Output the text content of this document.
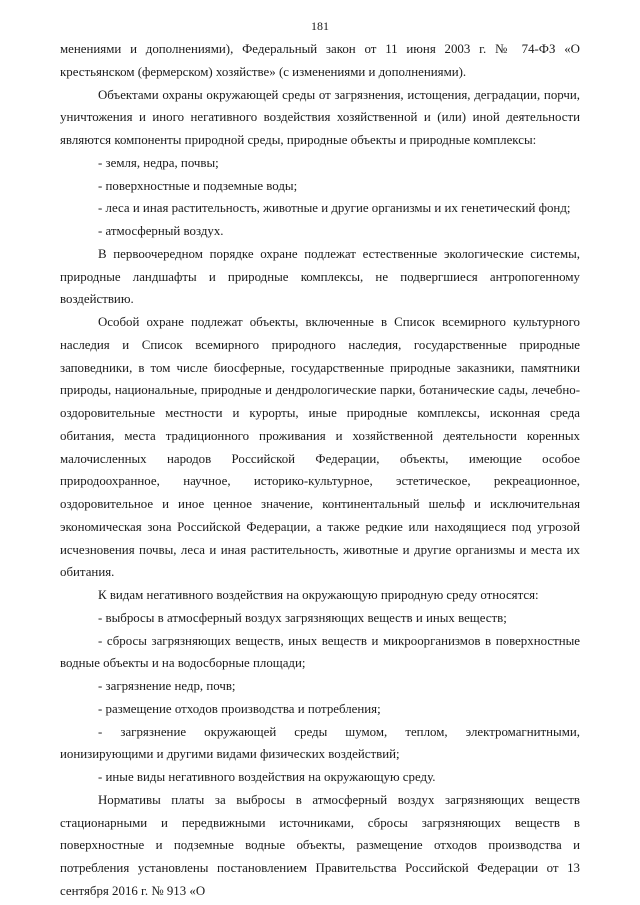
181

менениями и дополнениями), Федеральный закон от 11 июня 2003 г. № 74-ФЗ «О крестьянском (фермерском) хозяйстве» (с изменениями и дополнениями).

Объектами охраны окружающей среды от загрязнения, истощения, деградации, порчи, уничтожения и иного негативного воздействия хозяйственной и (или) иной деятельности являются компоненты природной среды, природные объекты и природные комплексы:

- земля, недра, почвы;

- поверхностные и подземные воды;

- леса и иная растительность, животные и другие организмы и их генетический фонд;

- атмосферный воздух.

В первоочередном порядке охране подлежат естественные экологические системы, природные ландшафты и природные комплексы, не подвергшиеся антропогенному воздействию.

Особой охране подлежат объекты, включенные в Список всемирного культурного наследия и Список всемирного природного наследия, государственные природные заповедники, в том числе биосферные, государственные природные заказники, памятники природы, национальные, природные и дендрологические парки, ботанические сады, лечебно-оздоровительные местности и курорты, иные природные комплексы, исконная среда обитания, места традиционного проживания и хозяйственной деятельности коренных малочисленных народов Российской Федерации, объекты, имеющие особое природоохранное, научное, историко-культурное, эстетическое, рекреационное, оздоровительное и иное ценное значение, континентальный шельф и исключительная экономическая зона Российской Федерации, а также редкие или находящиеся под угрозой исчезновения почвы, леса и иная растительность, животные и другие организмы и места их обитания.

К видам негативного воздействия на окружающую природную среду относятся:

- выбросы в атмосферный воздух загрязняющих веществ и иных веществ;

- сбросы загрязняющих веществ, иных веществ и микроорганизмов в поверхностные водные объекты и на водосборные площади;

- загрязнение недр, почв;

- размещение отходов производства и потребления;

- загрязнение окружающей среды шумом, теплом, электромагнитными, ионизирующими и другими видами физических воздействий;

- иные виды негативного воздействия на окружающую среду.

Нормативы платы за выбросы в атмосферный воздух загрязняющих веществ стационарными и передвижными источниками, сбросы загрязняющих веществ в поверхностные и подземные водные объекты, размещение отходов производства и потребления установлены постановлением Правительства Российской Федерации от 13 сентября 2016 г. № 913 «О
